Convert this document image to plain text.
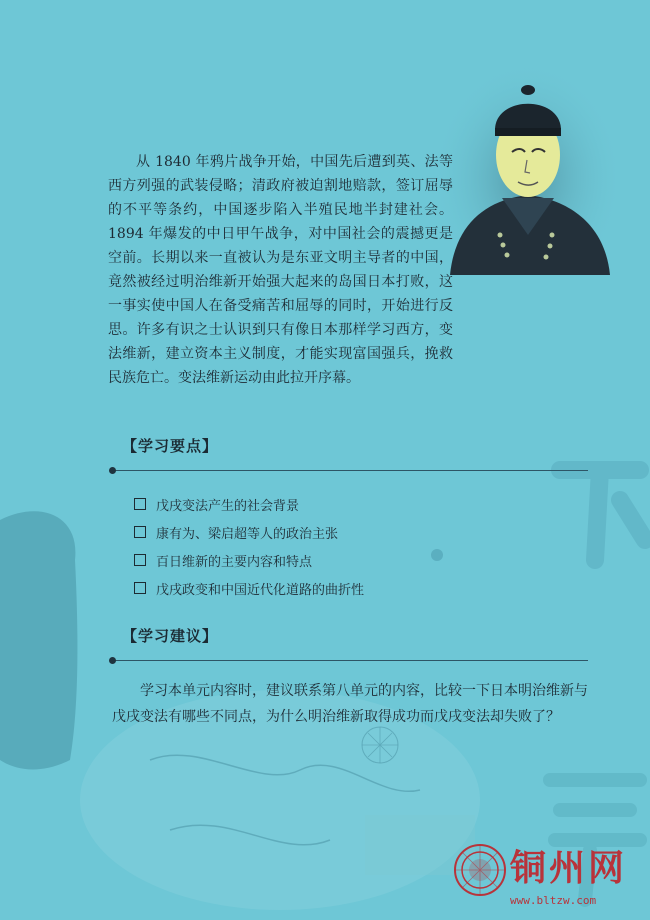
从 1840 年鸦片战争开始，中国先后遭到英、法等西方列强的武装侵略；清政府被迫割地赔款，签订屈辱的不平等条约，中国逐步陷入半殖民地半封建社会。1894 年爆发的中日甲午战争，对中国社会的震撼更是空前。长期以来一直被认为是东亚文明主导者的中国，竟然被经过明治维新开始强大起来的岛国日本打败，这一事实使中国人在备受痛苦和屈辱的同时，开始进行反思。许多有识之士认识到只有像日本那样学习西方，变法维新，建立资本主义制度，才能实现富国强兵，挽救民族危亡。变法维新运动由此拉开序幕。

【学习要点】
戊戌变法产生的社会背景
康有为、梁启超等人的政治主张
百日维新的主要内容和特点
戊戌政变和中国近代化道路的曲折性
【学习建议】

学习本单元内容时，建议联系第八单元的内容，比较一下日本明治维新与戊戌变法有哪些不同点，为什么明治维新取得成功而戊戌变法却失败了？

铜州网
www.bltzw.com
